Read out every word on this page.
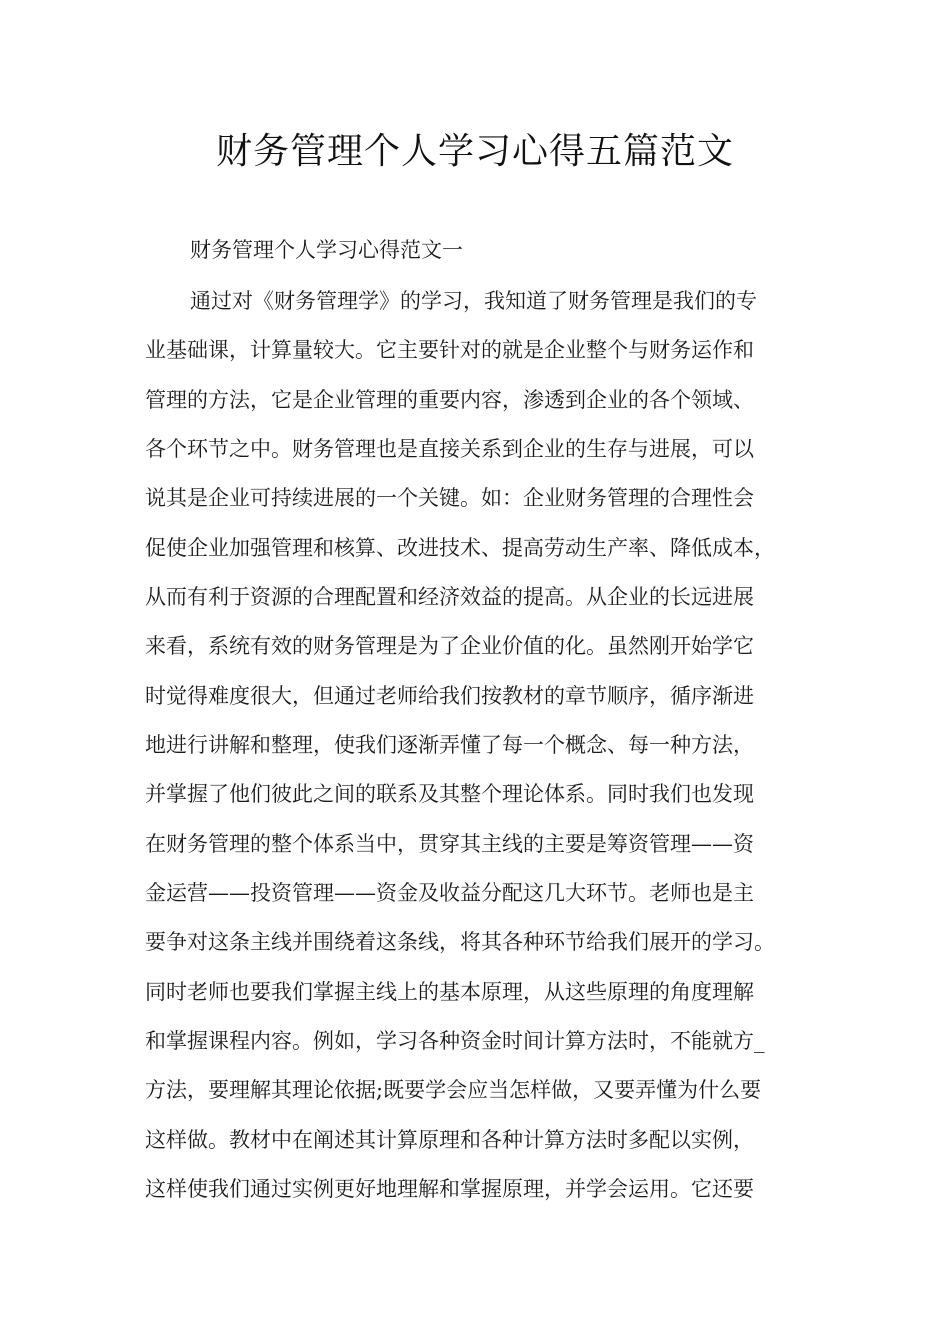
财务管理个人学习心得五篇范文

财务管理个人学习心得范文一

通过对《财务管理学》的学习，我知道了财务管理是我们的专

业基础课，计算量较大。它主要针对的就是企业整个与财务运作和

管理的方法，它是企业管理的重要内容，渗透到企业的各个领域、

各个环节之中。财务管理也是直接关系到企业的生存与进展，可以

说其是企业可持续进展的一个关键。如：企业财务管理的合理性会

促使企业加强管理和核算、改进技术、提高劳动生产率、降低成本，

从而有利于资源的合理配置和经济效益的提高。从企业的长远进展

来看，系统有效的财务管理是为了企业价值的化。虽然刚开始学它

时觉得难度很大，但通过老师给我们按教材的章节顺序，循序渐进

地进行讲解和整理，使我们逐渐弄懂了每一个概念、每一种方法，

并掌握了他们彼此之间的联系及其整个理论体系。同时我们也发现

在财务管理的整个体系当中，贯穿其主线的主要是筹资管理——资

金运营——投资管理——资金及收益分配这几大环节。老师也是主

要争对这条主线并围绕着这条线，将其各种环节给我们展开的学习。

同时老师也要我们掌握主线上的基本原理，从这些原理的角度理解

和掌握课程内容。例如，学习各种资金时间计算方法时，不能就方_

方法，要理解其理论依据;既要学会应当怎样做，又要弄懂为什么要

这样做。教材中在阐述其计算原理和各种计算方法时多配以实例，

这样使我们通过实例更好地理解和掌握原理，并学会运用。它还要
